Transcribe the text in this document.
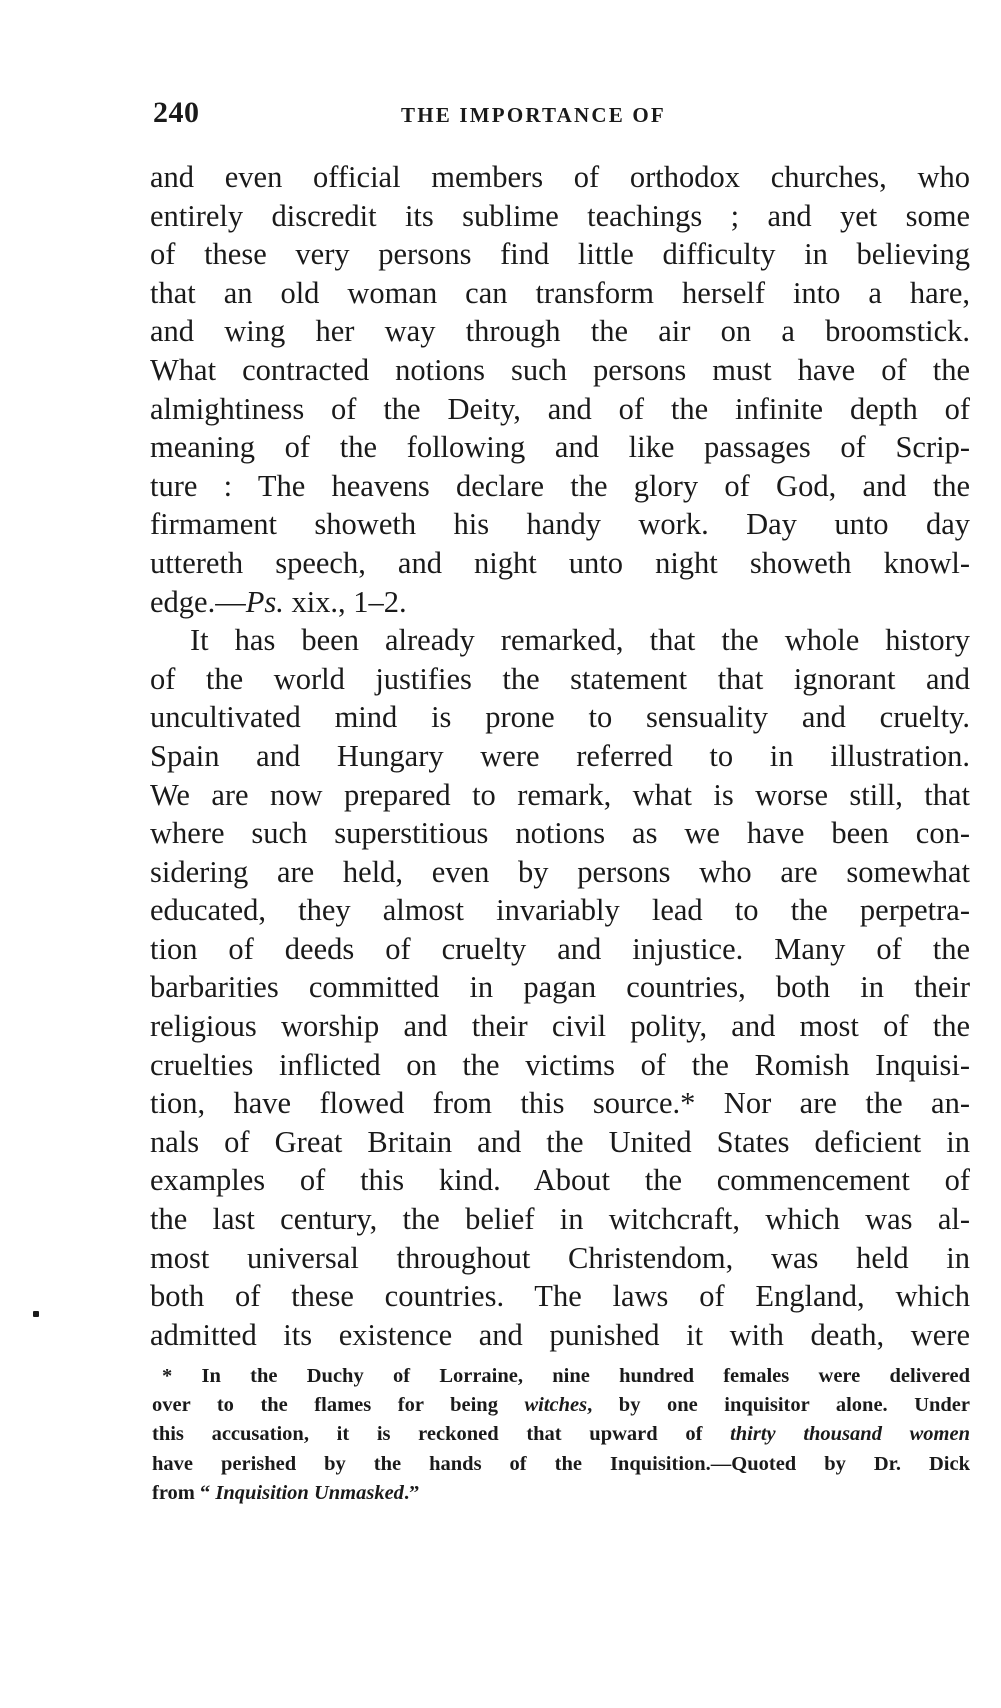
240	THE IMPORTANCE OF
and even official members of orthodox churches, who
entirely discredit its sublime teachings ; and yet some
of these very persons find little difficulty in believing
that an old woman can transform herself into a hare,
and wing her way through the air on a broomstick.
What contracted notions such persons must have of the
almightiness of the Deity, and of the infinite depth of
meaning of the following and like passages of Scrip-
ture : The heavens declare the glory of God, and the
firmament showeth his handy work. Day unto day
uttereth speech, and night unto night showeth knowl-
edge.—Ps. xix., 1–2.
It has been already remarked, that the whole history
of the world justifies the statement that ignorant and
uncultivated mind is prone to sensuality and cruelty.
Spain and Hungary were referred to in illustration.
We are now prepared to remark, what is worse still, that
where such superstitious notions as we have been con-
sidering are held, even by persons who are somewhat
educated, they almost invariably lead to the perpetra-
tion of deeds of cruelty and injustice. Many of the
barbarities committed in pagan countries, both in their
religious worship and their civil polity, and most of the
cruelties inflicted on the victims of the Romish Inquisi-
tion, have flowed from this source.* Nor are the an-
nals of Great Britain and the United States deficient in
examples of this kind. About the commencement of
the last century, the belief in witchcraft, which was al-
most universal throughout Christendom, was held in
both of these countries. The laws of England, which
admitted its existence and punished it with death, were
* In the Duchy of Lorraine, nine hundred females were delivered
over to the flames for being witches, by one inquisitor alone. Under
this accusation, it is reckoned that upward of thirty thousand women
have perished by the hands of the Inquisition.—Quoted by Dr. Dick
from “ Inquisition Unmasked.”
